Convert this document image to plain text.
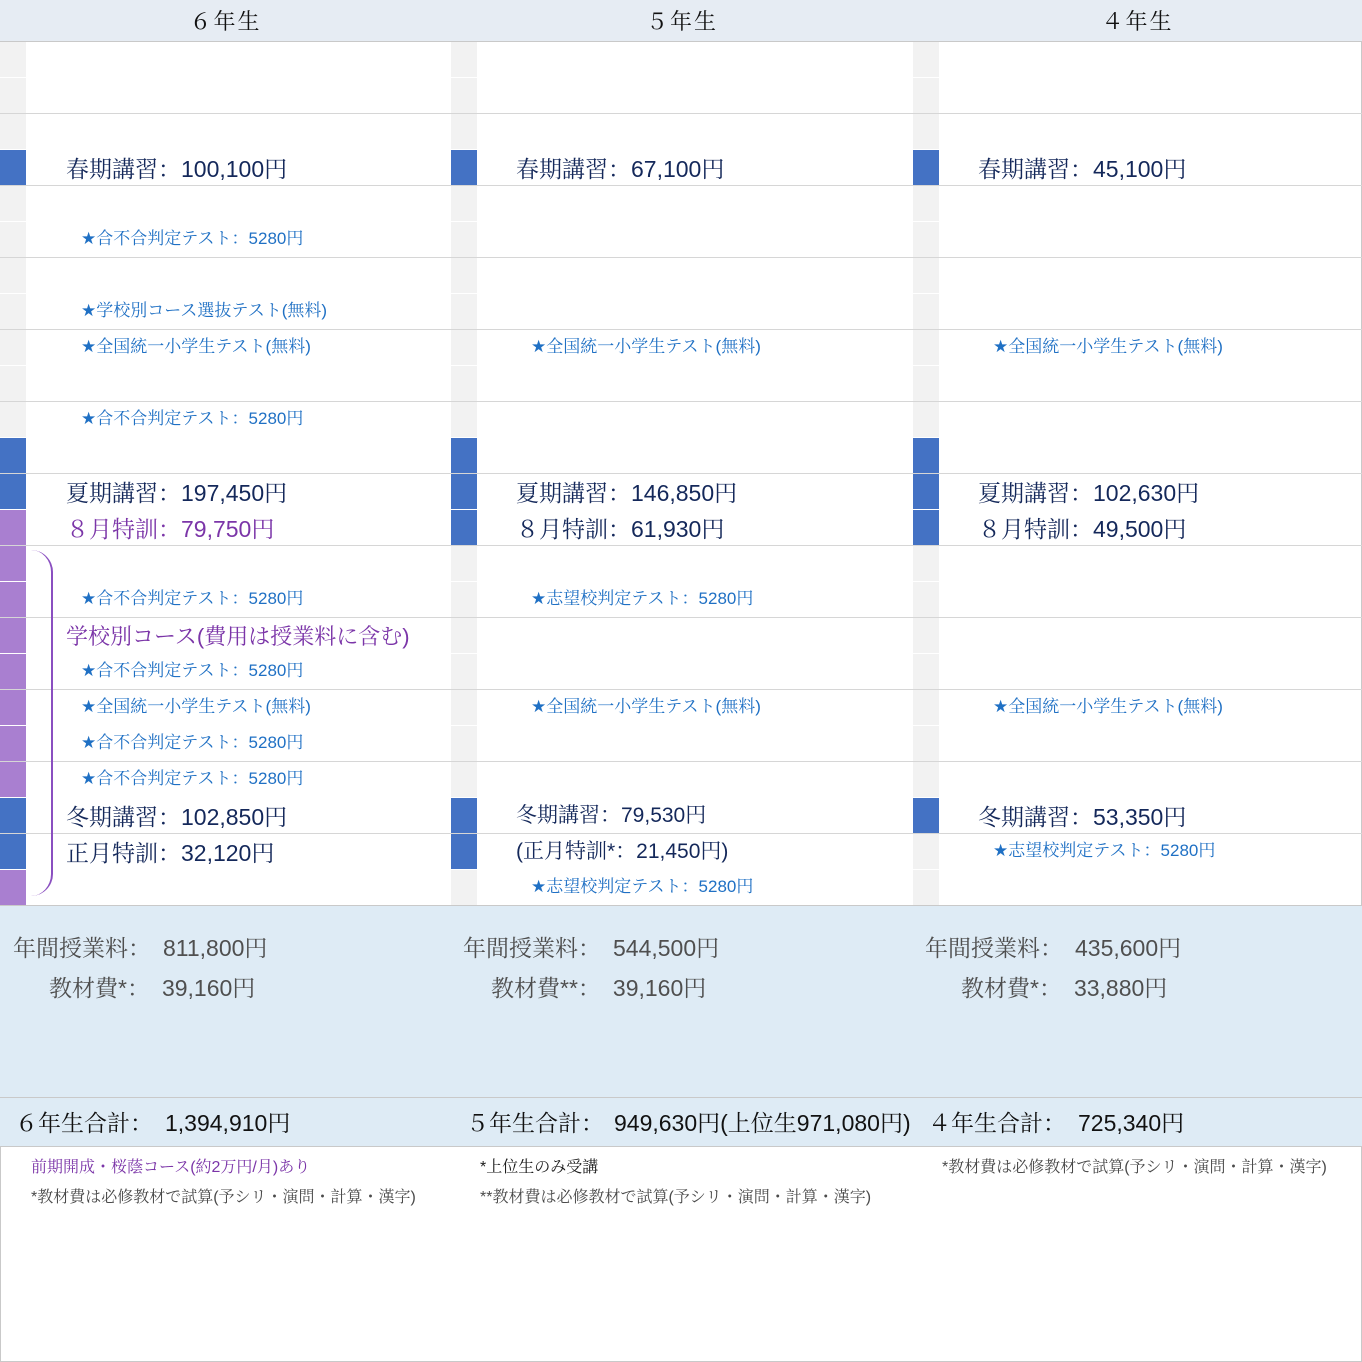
６年生
春期講習：100,100円
★合不合判定テスト：5280円
★学校別コース選抜テスト(無料)
★全国統一小学生テスト(無料)
★合不合判定テスト：5280円
夏期講習：197,450円
８月特訓：79,750円
★合不合判定テスト：5280円
学校別コース(費用は授業料に含む)
★合不合判定テスト：5280円
★全国統一小学生テスト(無料)
★合不合判定テスト：5280円
★合不合判定テスト：5280円
冬期講習：102,850円
正月特訓：32,120円
年間授業料： 811,800円
教材費*： 39,160円
６年生合計： 1,394,910円
前期開成・桜蔭コース(約2万円/月)あり
*教材費は必修教材で試算(予シリ・演問・計算・漢字)
５年生
春期講習：67,100円
★全国統一小学生テスト(無料)
夏期講習：146,850円
８月特訓：61,930円
★志望校判定テスト：5280円
★全国統一小学生テスト(無料)
冬期講習：79,530円
(正月特訓*：21,450円)
★志望校判定テスト：5280円
年間授業料： 544,500円
教材費**： 39,160円
５年生合計： 949,630円(上位生971,080円)
*上位生のみ受講
**教材費は必修教材で試算(予シリ・演問・計算・漢字)
４年生
春期講習：45,100円
★全国統一小学生テスト(無料)
夏期講習：102,630円
８月特訓：49,500円
★全国統一小学生テスト(無料)
冬期講習：53,350円
★志望校判定テスト：5280円
年間授業料： 435,600円
教材費*： 33,880円
４年生合計： 725,340円
*教材費は必修教材で試算(予シリ・演問・計算・漢字)
